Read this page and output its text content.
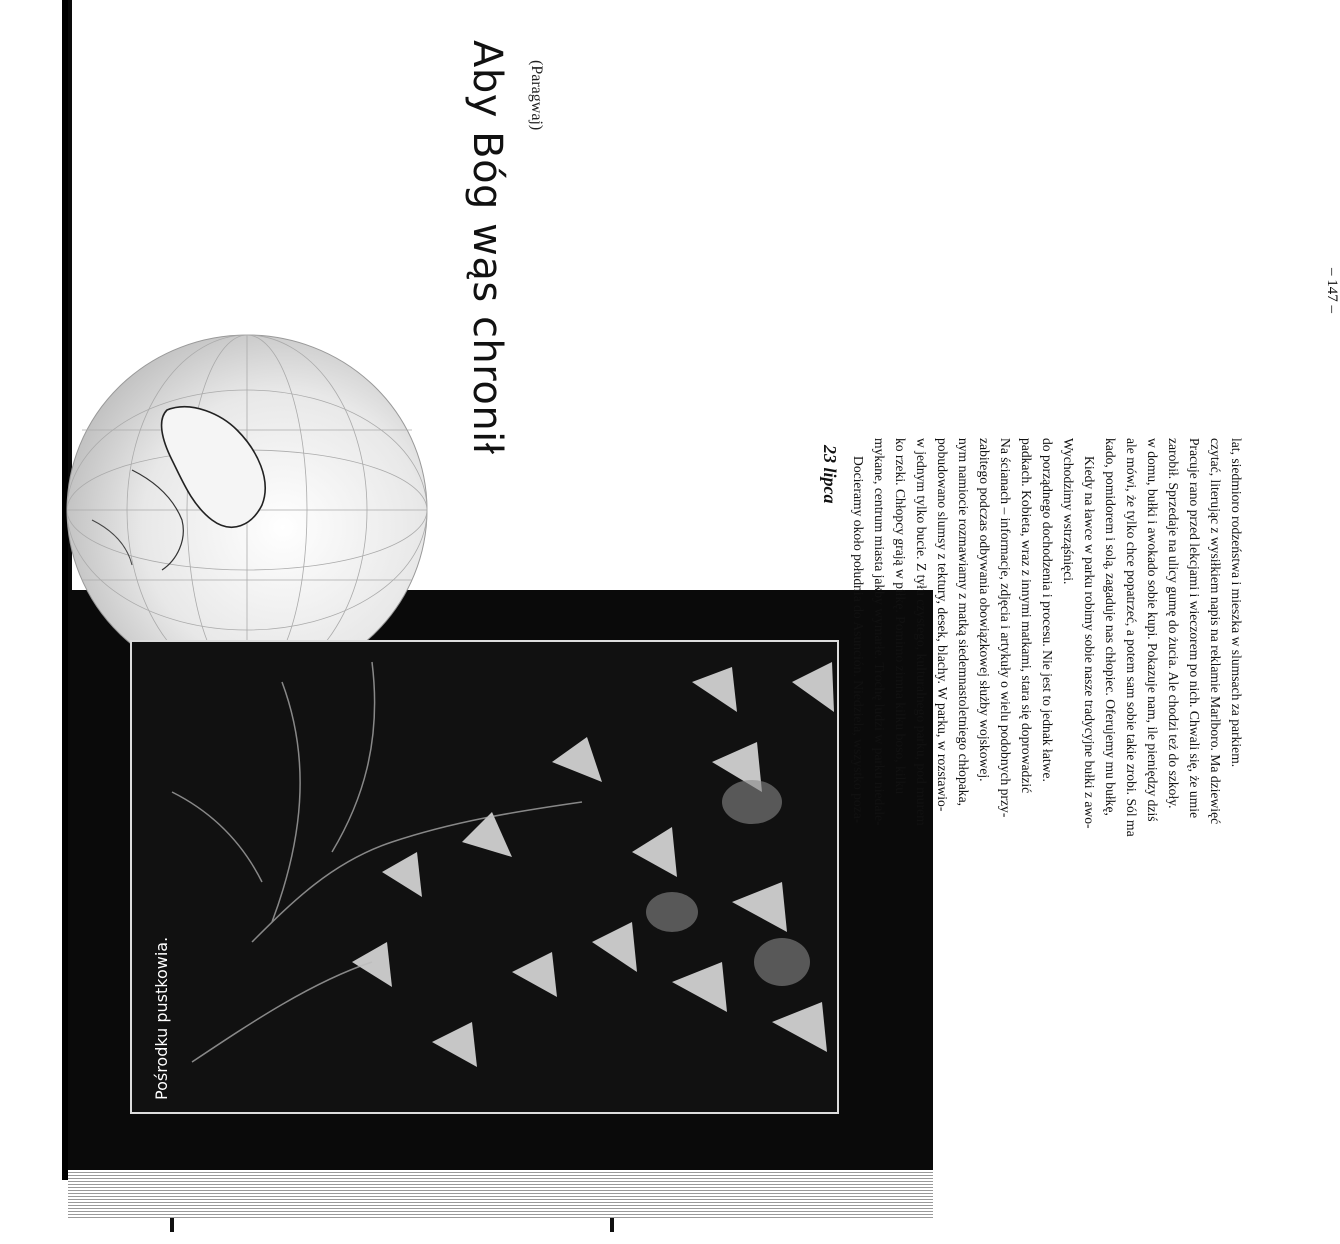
Aby Bóg wąs chronił (Paragwaj)
23 lipca Docieramy około południa do Asunción. Niedziela, wszystko poza- mykane, centrum miasta jakby wymarłe. Trochę ludzi w parku niedale- ko rzeki. Chłopcy grają w piłkę. Pomimo zimna kilku boso, kilku w jednym tylko bucie. Z tyłu czystego, kulturalnego parku, pod murem pobudowano slumsy z tektury, desek, blachy. W parku, w rozstawio- nym namiocie rozmawiamy z matką siedemnastoletniego chłopaka, zabitego podczas odbywania obowiązkowej służby wojskowej. Na ścianach – informacje, zdjęcia i artykuły o wielu podobnych przy- padkach. Kobieta, wraz z innymi matkami, stara się doprowadzić do porządnego dochodzenia i procesu. Nie jest to jednak łatwe. Wychodzimy wstrząśnięci. Kiedy na ławce w parku robimy sobie nasze tradycyjne bułki z awo- kado, pomidorem i solą, zagaduje nas chłopiec. Oferujemy mu bułkę, ale mówi, że tylko chce popatrzeć, a potem sam sobie takie zrobi. Sól ma w domu, bułki i awokado sobie kupi. Pokazuje nam, ile pieniędzy dziś zarobił. Sprzedaje na ulicy gumę do żucia. Ale chodzi też do szkoły. Pracuje rano przed lekcjami i wieczorem po nich. Chwali się, że umie czytać, literując z wysiłkiem napis na reklamie Marlboro. Ma dziewięć lat, siedmioro rodzeństwa i mieszka w slumsach za parkiem.
– 147 –
Pośrodku pustkowia.
